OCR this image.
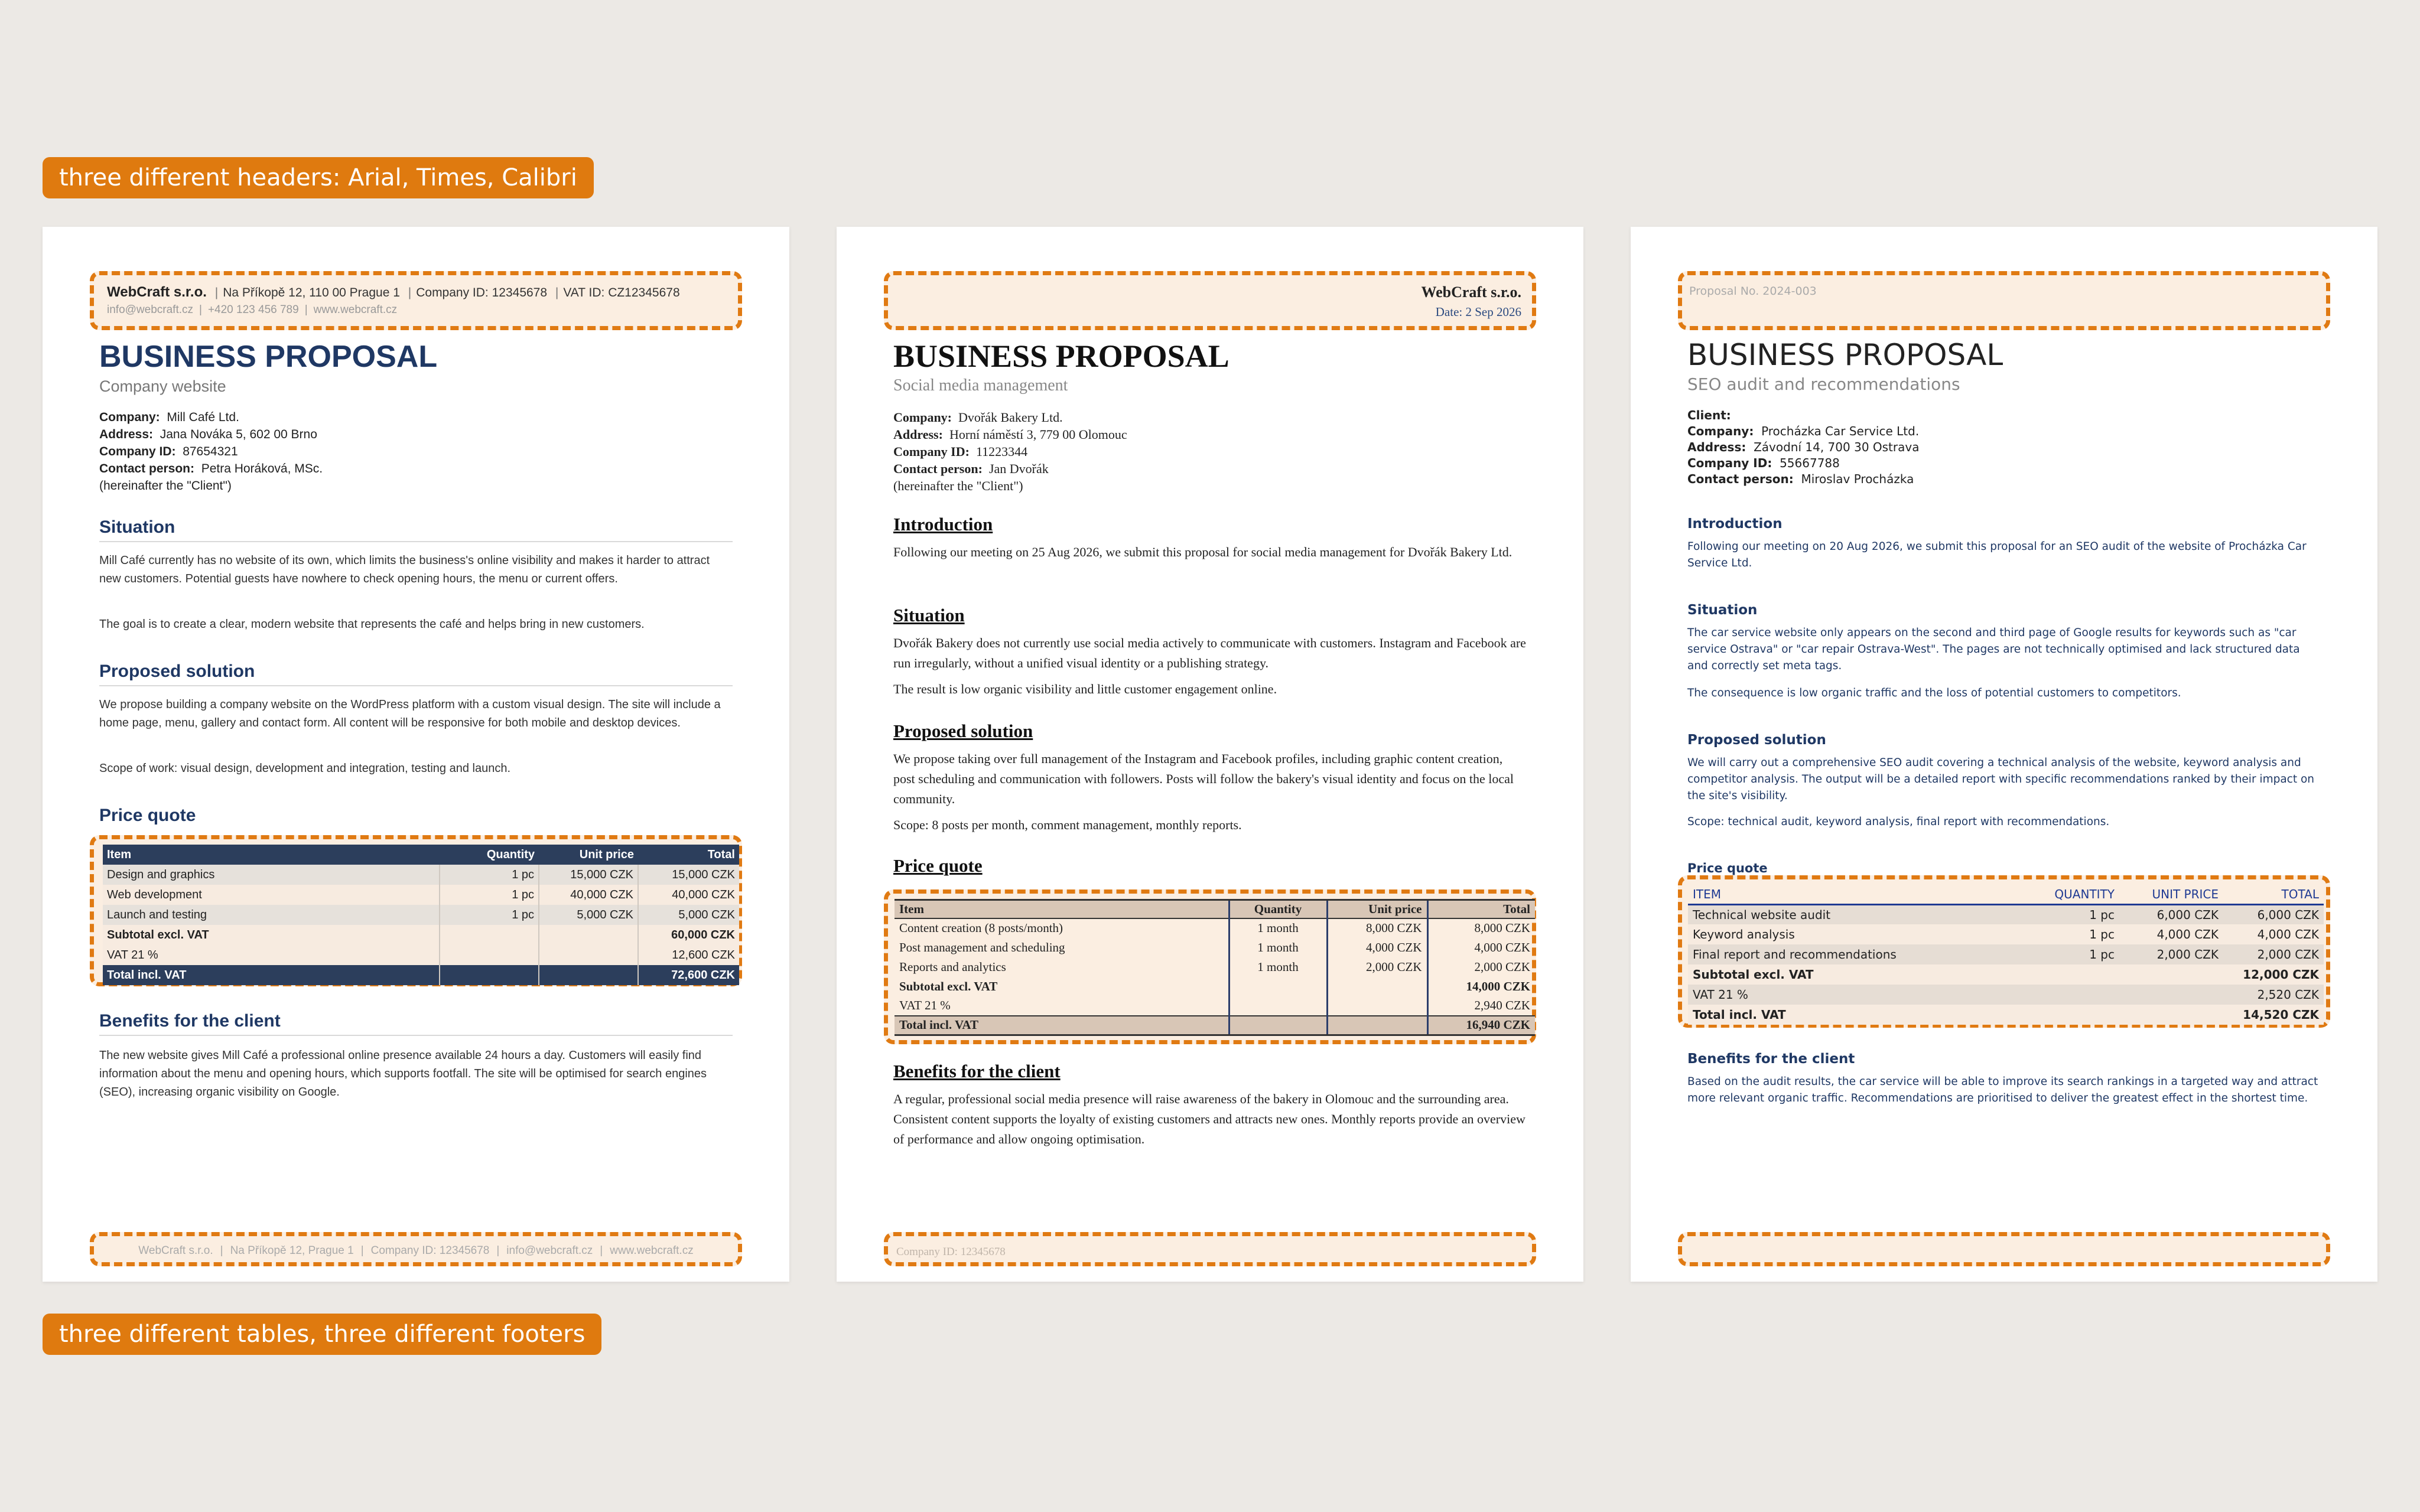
three different headers: Arial, Times, Calibri
three different tables, three different footers
WebCraft s.r.o. | Na Příkopě 12, 110 00 Prague 1 | Company ID: 12345678 | VAT ID: CZ12345678
info@webcraft.cz | +420 123 456 789 | www.webcraft.cz
BUSINESS PROPOSAL
Company website
Company: Mill Café Ltd.
Address: Jana Nováka 5, 602 00 Brno
Company ID: 87654321
Contact person: Petra Horáková, MSc.
(hereinafter the "Client")
Situation
Mill Café currently has no website of its own, which limits the business's online visibility and makes it harder to attract new customers. Potential guests have nowhere to check opening hours, the menu or current offers.
The goal is to create a clear, modern website that represents the café and helps bring in new customers.
Proposed solution
We propose building a company website on the WordPress platform with a custom visual design. The site will include a home page, menu, gallery and contact form. All content will be responsive for both mobile and desktop devices.
Scope of work: visual design, development and integration, testing and launch.
Price quote
Item	Quantity	Unit price	Total
Design and graphics	1 pc	15,000 CZK	15,000 CZK
Web development	1 pc	40,000 CZK	40,000 CZK
Launch and testing	1 pc	5,000 CZK	5,000 CZK
Subtotal excl. VAT			60,000 CZK
VAT 21 %			12,600 CZK
Total incl. VAT			72,600 CZK
Benefits for the client
The new website gives Mill Café a professional online presence available 24 hours a day. Customers will easily find information about the menu and opening hours, which supports footfall. The site will be optimised for search engines (SEO), increasing organic visibility on Google.
WebCraft s.r.o. | Na Příkopě 12, Prague 1 | Company ID: 12345678 | info@webcraft.cz | www.webcraft.cz
WebCraft s.r.o.
Date: 2 Sep 2026
BUSINESS PROPOSAL
Social media management
Company: Dvořák Bakery Ltd.
Address: Horní náměstí 3, 779 00 Olomouc
Company ID: 11223344
Contact person: Jan Dvořák
(hereinafter the "Client")
Introduction
Following our meeting on 25 Aug 2026, we submit this proposal for social media management for Dvořák Bakery Ltd.
Situation
Dvořák Bakery does not currently use social media actively to communicate with customers. Instagram and Facebook are run irregularly, without a unified visual identity or a publishing strategy.
The result is low organic visibility and little customer engagement online.
Proposed solution
We propose taking over full management of the Instagram and Facebook profiles, including graphic content creation, post scheduling and communication with followers. Posts will follow the bakery's visual identity and focus on the local community.
Scope: 8 posts per month, comment management, monthly reports.
Item	Quantity	Unit price	Total
Content creation (8 posts/month)	1 month	8,000 CZK	8,000 CZK
Post management and scheduling	1 month	4,000 CZK	4,000 CZK
Reports and analytics	1 month	2,000 CZK	2,000 CZK
Subtotal excl. VAT			14,000 CZK
VAT 21 %			2,940 CZK
Total incl. VAT			16,940 CZK
Company ID: 12345678
Price quote
Benefits for the client
A regular, professional social media presence will raise awareness of the bakery in Olomouc and the surrounding area. Consistent content supports the loyalty of existing customers and attracts new ones. Monthly reports provide an overview of performance and allow ongoing optimisation.
Proposal No. 2024-003
BUSINESS PROPOSAL
SEO audit and recommendations
Client:
Company: Procházka Car Service Ltd.
Address: Závodní 14, 700 30 Ostrava
Company ID: 55667788
Contact person: Miroslav Procházka
Introduction
Following our meeting on 20 Aug 2026, we submit this proposal for an SEO audit of the website of Procházka Car Service Ltd.
Situation
The car service website only appears on the second and third page of Google results for keywords such as "car service Ostrava" or "car repair Ostrava-West". The pages are not technically optimised and lack structured data and correctly set meta tags.
The consequence is low organic traffic and the loss of potential customers to competitors.
Proposed solution
We will carry out a comprehensive SEO audit covering a technical analysis of the website, keyword analysis and competitor analysis. The output will be a detailed report with specific recommendations ranked by their impact on the site's visibility.
Scope: technical audit, keyword analysis, final report with recommendations.
Price quote
ITEM	QUANTITY	UNIT PRICE	TOTAL
Technical website audit	1 pc	6,000 CZK	6,000 CZK
Keyword analysis	1 pc	4,000 CZK	4,000 CZK
Final report and recommendations	1 pc	2,000 CZK	2,000 CZK
Subtotal excl. VAT			12,000 CZK
VAT 21 %			2,520 CZK
Total incl. VAT			14,520 CZK
Benefits for the client
Based on the audit results, the car service will be able to improve its search rankings in a targeted way and attract more relevant organic traffic. Recommendations are prioritised to deliver the greatest effect in the shortest time.
